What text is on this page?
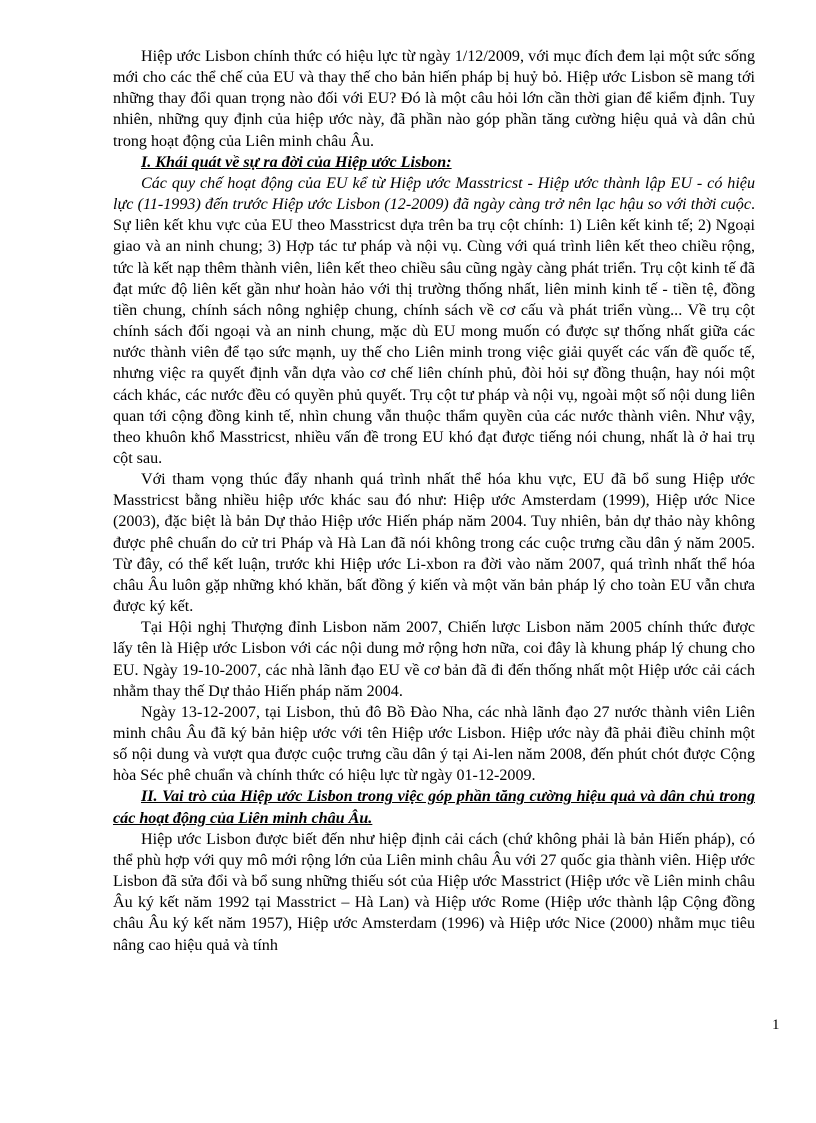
Hiệp ước Lisbon chính thức có hiệu lực từ ngày 1/12/2009, với mục đích đem lại một sức sống mới cho các thể chế của EU và thay thế cho bản hiến pháp bị huỷ bỏ. Hiệp ước Lisbon sẽ mang tới những thay đổi quan trọng nào đối với EU? Đó là một câu hỏi lớn cần thời gian để kiểm định. Tuy nhiên, những quy định của hiệp ước này, đã phần nào góp phần tăng cường hiệu quả và dân chủ trong hoạt động của Liên minh châu Âu.

I. Khái quát về sự ra đời của Hiệp ước Lisbon:

Các quy chế hoạt động của EU kể từ Hiệp ước Masstricst - Hiệp ước thành lập EU - có hiệu lực (11-1993) đến trước Hiệp ước Lisbon (12-2009) đã ngày càng trở nên lạc hậu so với thời cuộc. Sự liên kết khu vực của EU theo Masstricst dựa trên ba trụ cột chính: 1) Liên kết kinh tế; 2) Ngoại giao và an ninh chung; 3) Hợp tác tư pháp và nội vụ. Cùng với quá trình liên kết theo chiều rộng, tức là kết nạp thêm thành viên, liên kết theo chiều sâu cũng ngày càng phát triển. Trụ cột kinh tế đã đạt mức độ liên kết gần như hoàn hảo với thị trường thống nhất, liên minh kinh tế - tiền tệ, đồng tiền chung, chính sách nông nghiệp chung, chính sách về cơ cấu và phát triển vùng... Về trụ cột chính sách đối ngoại và an ninh chung, mặc dù EU mong muốn có được sự thống nhất giữa các nước thành viên để tạo sức mạnh, uy thế cho Liên minh trong việc giải quyết các vấn đề quốc tế, nhưng việc ra quyết định vẫn dựa vào cơ chế liên chính phủ, đòi hỏi sự đồng thuận, hay nói một cách khác, các nước đều có quyền phủ quyết. Trụ cột tư pháp và nội vụ, ngoài một số nội dung liên quan tới cộng đồng kinh tế, nhìn chung vẫn thuộc thẩm quyền của các nước thành viên. Như vậy, theo khuôn khổ Masstricst, nhiều vấn đề trong EU khó đạt được tiếng nói chung, nhất là ở hai trụ cột sau.

Với tham vọng thúc đẩy nhanh quá trình nhất thể hóa khu vực, EU đã bổ sung Hiệp ước Masstricst bằng nhiều hiệp ước khác sau đó như: Hiệp ước Amsterdam (1999), Hiệp ước Nice (2003), đặc biệt là bản Dự thảo Hiệp ước Hiến pháp năm 2004. Tuy nhiên, bản dự thảo này không được phê chuẩn do cử tri Pháp và Hà Lan đã nói không trong các cuộc trưng cầu dân ý năm 2005. Từ đây, có thể kết luận, trước khi Hiệp ước Li-xbon ra đời vào năm 2007, quá trình nhất thể hóa châu Âu luôn gặp những khó khăn, bất đồng ý kiến và một văn bản pháp lý cho toàn EU vẫn chưa được ký kết.

Tại Hội nghị Thượng đỉnh Lisbon năm 2007, Chiến lược Lisbon năm 2005 chính thức được lấy tên là Hiệp ước Lisbon với các nội dung mở rộng hơn nữa, coi đây là khung pháp lý chung cho EU. Ngày 19-10-2007, các nhà lãnh đạo EU về cơ bản đã đi đến thống nhất một Hiệp ước cải cách nhằm thay thế Dự thảo Hiến pháp năm 2004.

Ngày 13-12-2007, tại Lisbon, thủ đô Bồ Đào Nha, các nhà lãnh đạo 27 nước thành viên Liên minh châu Âu đã ký bản hiệp ước với tên Hiệp ước Lisbon. Hiệp ước này đã phải điều chỉnh một số nội dung và vượt qua được cuộc trưng cầu dân ý tại Ai-len năm 2008, đến phút chót được Cộng hòa Séc phê chuẩn và chính thức có hiệu lực từ ngày 01-12-2009.

II. Vai trò của Hiệp ước Lisbon trong việc góp phần tăng cường hiệu quả và dân chủ trong các hoạt động của Liên minh châu Âu.

Hiệp ước Lisbon được biết đến như hiệp định cải cách (chứ không phải là bản Hiến pháp), có thể phù hợp với quy mô mới rộng lớn của Liên minh châu Âu với 27 quốc gia thành viên. Hiệp ước Lisbon đã sửa đổi và bổ sung những thiếu sót của Hiệp ước Masstrict (Hiệp ước về Liên minh châu Âu ký kết năm 1992 tại Masstrict – Hà Lan) và Hiệp ước Rome (Hiệp ước thành lập Cộng đồng châu Âu ký kết năm 1957), Hiệp ước Amsterdam (1996) và Hiệp ước Nice (2000) nhằm mục tiêu nâng cao hiệu quả và tính

1
